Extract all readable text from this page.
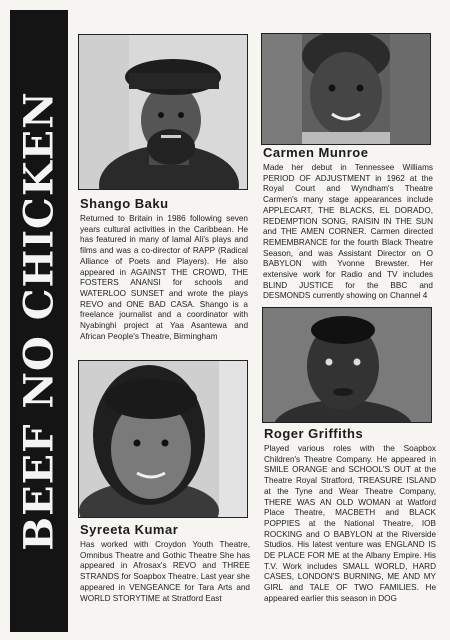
BEEF NO CHICKEN Shango Baku

Returned to Britain in 1986 following seven years cultural activities in the Caribbean. He has featured in many of lamal Ali's plays and films and was a co-director of RAPP (Radical Alliance of Poets and Players). He also appeared in AGAINST THE CROWD, THE FOSTERS ANANSI for schools and WATERLOO SUNSET and wrote the plays REVO and ONE BAD CASA. Shango is a freelance journalist and a coordinator with Nyabinghi project at Yaa Asantewa and African People's Theatre, Birmingham

Carmen Munroe

Made her debut in Tennessee Williams PERIOD OF ADJUSTMENT in 1962 at the Royal Court and Wyndham's Theatre Carmen's many stage appearances include APPLECART, THE BLACKS, EL DORADO, REDEMPTION SONG, RAISIN IN THE SUN and THE AMEN CORNER. Carmen directed REMEMBRANCE for the fourth Black Theatre Season, and was Assistant Director on O BABYLON with Yvonne Brewster. Her extensive work for Radio and TV includes BLIND JUSTICE for the BBC and DESMONDS currently showing on Channel 4

Roger Griffiths

Played various roles with the Soapbox Children's Theatre Company. He appeared in SMILE ORANGE and SCHOOL'S OUT at the Theatre Royal Stratford, TREASURE ISLAND at the Tyne and Wear Theatre Company, THERE WAS AN OLD WOMAN at Watford Place Theatre, MACBETH and BLACK POPPIES at the National Theatre, IOB ROCKING and O BABYLON at the Riverside Studios. His latest venture was ENGLAND IS DE PLACE FOR ME at the Albany Empire. His T.V. Work includes SMALL WORLD, HARD CASES, LONDON'S BURNING, ME AND MY GIRL and TALE OF TWO FAMILIES. He appeared earlier this season in DOG

Syreeta Kumar

Has worked with Croydon Youth Theatre, Omnibus Theatre and Gothic Theatre She has appeared in Afrosax's REVO and THREE STRANDS for Soapbox Theatre. Last year she appeared in VENGEANCE for Tara Arts and WORLD STORYTIME at Stratford East
